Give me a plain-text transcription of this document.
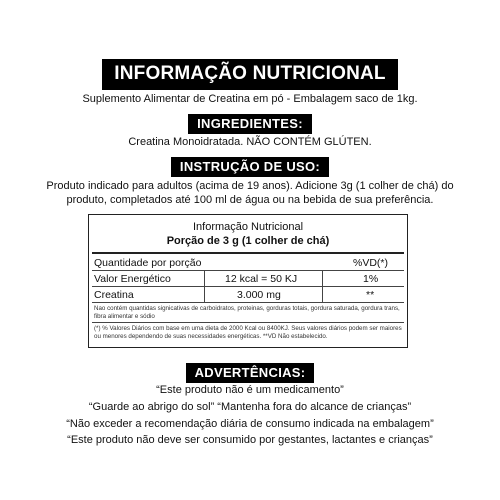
INFORMAÇÃO NUTRICIONAL
Suplemento Alimentar de Creatina em pó - Embalagem saco de 1kg.
INGREDIENTES:
Creatina Monoidratada. NÃO CONTÉM GLÚTEN.
INSTRUÇÃO DE USO:
Produto indicado para adultos (acima de 19 anos). Adicione 3g (1 colher de chá) do
produto, completados até 100 ml de água ou na bebida de sua preferência.
Informação Nutricional
Porção de 3 g (1 colher de chá)
Quantidade por porção	%VD(*)
Valor Energético	12 kcal = 50 KJ	1%
Creatina	3.000 mg	**
Nao contém quantidas signicativas de carboidratos, proteinas, gorduras totais, gordura saturada, gordura trans, fibra alimentar e sódio
(*) % Valores Diários com base em uma dieta de 2000 Kcal ou 8400KJ. Seus valores diários podem ser maiores ou menores dependendo de suas necessidades energéticas. **VD Não estabelecido.
ADVERTÊNCIAS:
“Este produto não é um medicamento”
“Guarde ao abrigo do sol” “Mantenha fora do alcance de crianças”
“Não exceder a recomendação diária de consumo indicada na embalagem”
“Este produto não deve ser consumido por gestantes, lactantes e crianças”
